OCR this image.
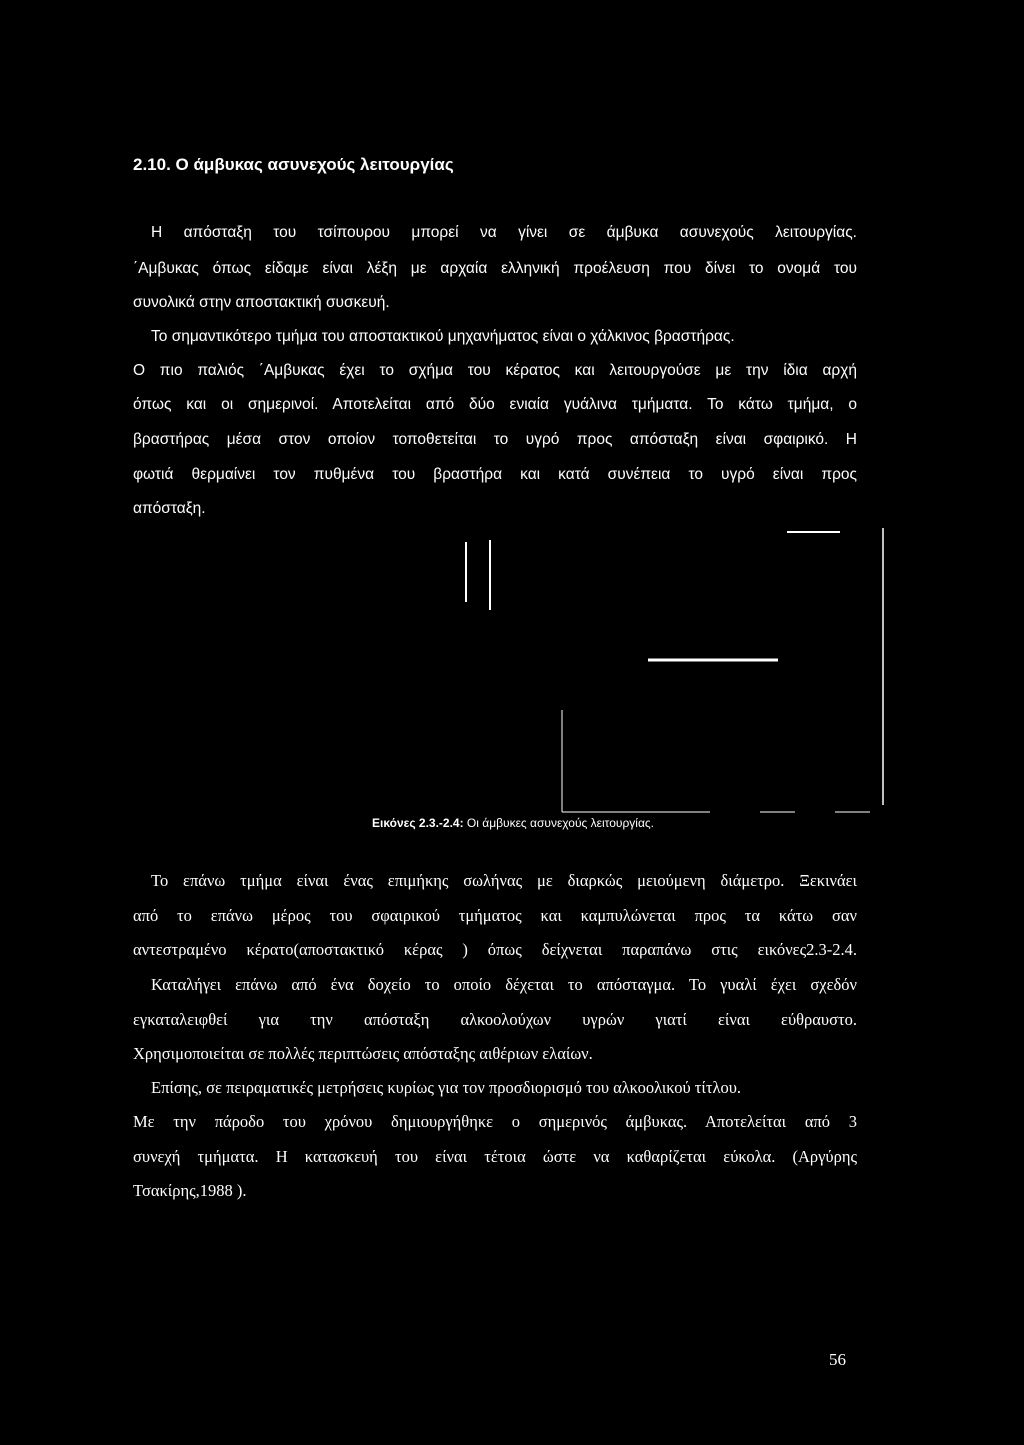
2.10. Ο άμβυκας ασυνεχούς λειτουργίας
Η απόσταξη του τσίπουρου μπορεί να γίνει σε άμβυκα ασυνεχούς λειτουργίας.
΄Αμβυκας όπως είδαμε είναι λέξη με αρχαία ελληνική προέλευση που δίνει το ονομά του
συνολικά στην αποστακτική συσκευή.
Το σημαντικότερο τμήμα του αποστακτικού μηχανήματος είναι ο χάλκινος βραστήρας.
Ο πιο παλιός ΄Αμβυκας έχει το σχήμα του κέρατος και λειτουργούσε με την ίδια αρχή
όπως και οι σημερινοί. Αποτελείται από δύο ενιαία γυάλινα τμήματα. Το κάτω τμήμα, ο
βραστήρας μέσα στον οποίον τοποθετείται το υγρό προς απόσταξη είναι σφαιρικό. Η
φωτιά θερμαίνει τον πυθμένα του βραστήρα και κατά συνέπεια το υγρό είναι προς
απόσταξη.
Εικόνες 2.3.-2.4: Οι άμβυκες ασυνεχούς λειτουργίας.
Το επάνω τμήμα είναι ένας επιμήκης σωλήνας με διαρκώς μειούμενη διάμετρο. Ξεκινάει
από το επάνω μέρος του σφαιρικού τμήματος και καμπυλώνεται προς τα κάτω σαν
αντεστραμένο κέρατο(αποστακτικό κέρας ) όπως δείχνεται παραπάνω στις εικόνες2.3-2.4.
Καταλήγει επάνω από ένα δοχείο το οποίο δέχεται το απόσταγμα. Το γυαλί έχει σχεδόν
εγκαταλειφθεί για την απόσταξη αλκοολούχων υγρών γιατί είναι εύθραυστο.
Χρησιμοποιείται σε πολλές περιπτώσεις απόσταξης αιθέριων ελαίων.
Επίσης, σε πειραματικές μετρήσεις κυρίως για τον προσδιορισμό του αλκοολικού τίτλου.
Με την πάροδο του χρόνου δημιουργήθηκε ο σημερινός άμβυκας. Αποτελείται από 3
συνεχή τμήματα. Η κατασκευή του είναι τέτοια ώστε να καθαρίζεται εύκολα. (Αργύρης
Τσακίρης,1988 ).
56
